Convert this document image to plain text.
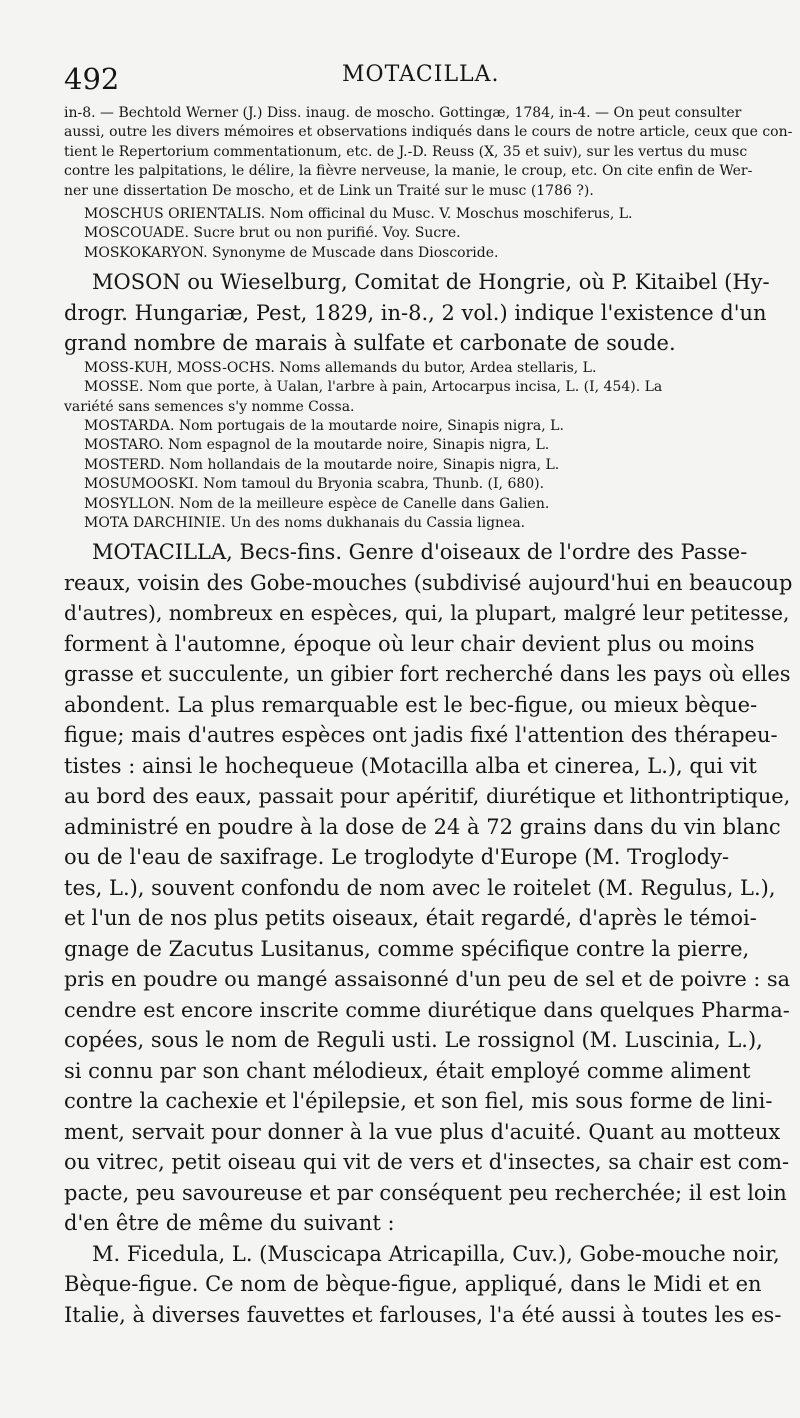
492	MOTACILLA.

in-8. — Bechtold Werner (J.) Diss. inaug. de moscho. Gottingæ, 1784, in-4. — On peut consulter

aussi, outre les divers mémoires et observations indiqués dans le cours de notre article, ceux que con-

tient le Repertorium commentationum, etc. de J.-D. Reuss (X, 35 et suiv), sur les vertus du musc

contre les palpitations, le délire, la fièvre nerveuse, la manie, le croup, etc. On cite enfin de Wer-

ner une dissertation De moscho, et de Link un Traité sur le musc (1786 ?).

MOSCHUS ORIENTALIS. Nom officinal du Musc. V. Moschus moschiferus, L.

MOSCOUADE. Sucre brut ou non purifié. Voy. Sucre.

MOSKOKARYON. Synonyme de Muscade dans Dioscoride.

MOSON ou Wieselburg, Comitat de Hongrie, où P. Kitaibel (Hy-

drogr. Hungariæ, Pest, 1829, in-8., 2 vol.) indique l'existence d'un

grand nombre de marais à sulfate et carbonate de soude.

MOSS-KUH, MOSS-OCHS. Noms allemands du butor, Ardea stellaris, L.

MOSSE. Nom que porte, à Ualan, l'arbre à pain, Artocarpus incisa, L. (I, 454). La

variété sans semences s'y nomme Cossa.

MOSTARDA. Nom portugais de la moutarde noire, Sinapis nigra, L.

MOSTARO. Nom espagnol de la moutarde noire, Sinapis nigra, L.

MOSTERD. Nom hollandais de la moutarde noire, Sinapis nigra, L.

MOSUMOOSKI. Nom tamoul du Bryonia scabra, Thunb. (I, 680).

MOSYLLON. Nom de la meilleure espèce de Canelle dans Galien.

MOTA DARCHINIE. Un des noms dukhanais du Cassia lignea.

MOTACILLA, Becs-fins. Genre d'oiseaux de l'ordre des Passe-

reaux, voisin des Gobe-mouches (subdivisé aujourd'hui en beaucoup

d'autres), nombreux en espèces, qui, la plupart, malgré leur petitesse,

forment à l'automne, époque où leur chair devient plus ou moins

grasse et succulente, un gibier fort recherché dans les pays où elles

abondent. La plus remarquable est le bec-figue, ou mieux bèque-

figue; mais d'autres espèces ont jadis fixé l'attention des thérapeu-

tistes : ainsi le hochequeue (Motacilla alba et cinerea, L.), qui vit

au bord des eaux, passait pour apéritif, diurétique et lithontriptique,

administré en poudre à la dose de 24 à 72 grains dans du vin blanc

ou de l'eau de saxifrage. Le troglodyte d'Europe (M. Troglody-

tes, L.), souvent confondu de nom avec le roitelet (M. Regulus, L.),

et l'un de nos plus petits oiseaux, était regardé, d'après le témoi-

gnage de Zacutus Lusitanus, comme spécifique contre la pierre,

pris en poudre ou mangé assaisonné d'un peu de sel et de poivre : sa

cendre est encore inscrite comme diurétique dans quelques Pharma-

copées, sous le nom de Reguli usti. Le rossignol (M. Luscinia, L.),

si connu par son chant mélodieux, était employé comme aliment

contre la cachexie et l'épilepsie, et son fiel, mis sous forme de lini-

ment, servait pour donner à la vue plus d'acuité. Quant au motteux

ou vitrec, petit oiseau qui vit de vers et d'insectes, sa chair est com-

pacte, peu savoureuse et par conséquent peu recherchée; il est loin

d'en être de même du suivant :

M. Ficedula, L. (Muscicapa Atricapilla, Cuv.), Gobe-mouche noir,

Bèque-figue. Ce nom de bèque-figue, appliqué, dans le Midi et en

Italie, à diverses fauvettes et farlouses, l'a été aussi à toutes les es-
